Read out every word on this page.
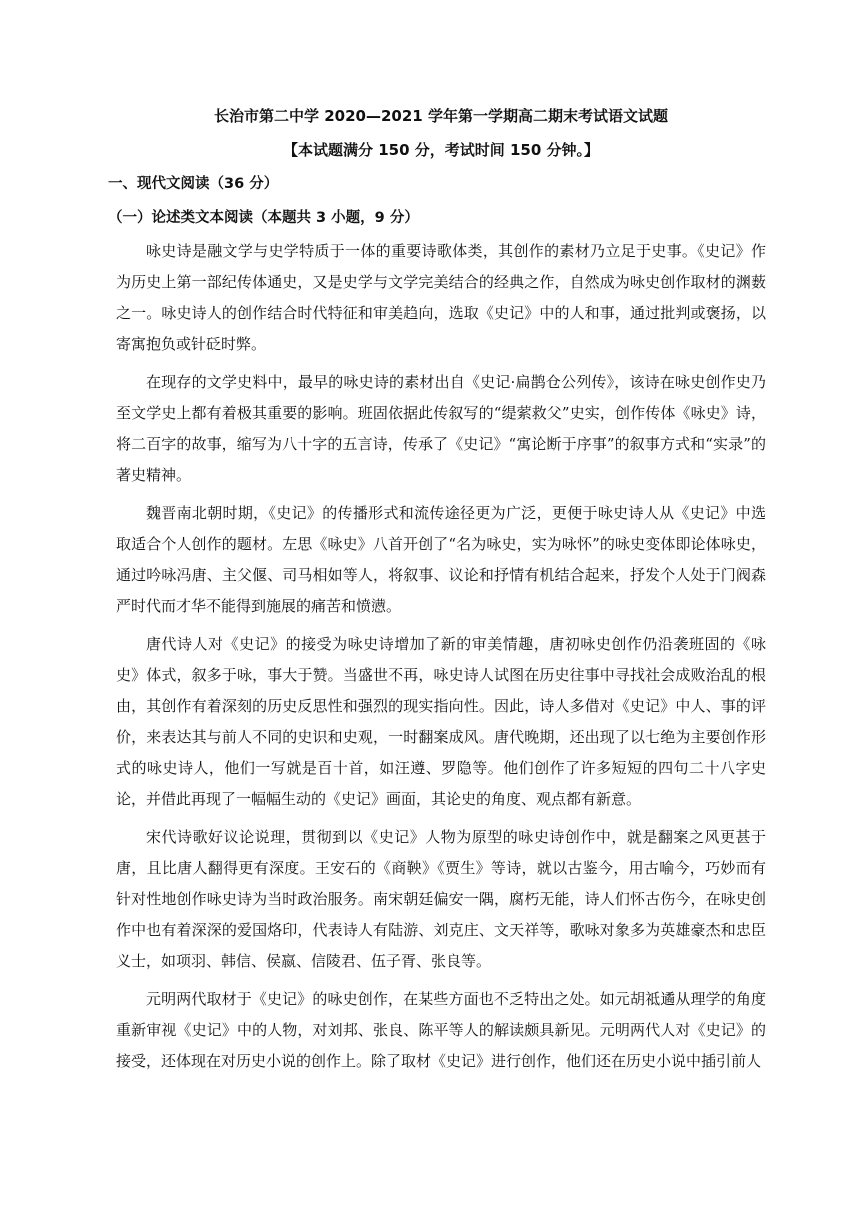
长治市第二中学 2020—2021 学年第一学期高二期末考试语文试题
【本试题满分 150 分，考试时间 150 分钟。】
一、现代文阅读（36 分）
（一）论述类文本阅读（本题共 3 小题，9 分）

咏史诗是融文学与史学特质于一体的重要诗歌体类，其创作的素材乃立足于史事。《史记》作为历史上第一部纪传体通史，又是史学与文学完美结合的经典之作，自然成为咏史创作取材的渊薮之一。咏史诗人的创作结合时代特征和审美趋向，选取《史记》中的人和事，通过批判或褒扬，以寄寓抱负或针砭时弊。

在现存的文学史料中，最早的咏史诗的素材出自《史记·扁鹊仓公列传》，该诗在咏史创作史乃至文学史上都有着极其重要的影响。班固依据此传叙写的“缇萦救父”史实，创作传体《咏史》诗，将二百字的故事，缩写为八十字的五言诗，传承了《史记》“寓论断于序事”的叙事方式和“实录”的著史精神。

魏晋南北朝时期，《史记》的传播形式和流传途径更为广泛，更便于咏史诗人从《史记》中选取适合个人创作的题材。左思《咏史》八首开创了“名为咏史，实为咏怀”的咏史变体即论体咏史，通过吟咏冯唐、主父偃、司马相如等人，将叙事、议论和抒情有机结合起来，抒发个人处于门阀森严时代而才华不能得到施展的痛苦和愤懑。

唐代诗人对《史记》的接受为咏史诗增加了新的审美情趣，唐初咏史创作仍沿袭班固的《咏史》体式，叙多于咏，事大于赞。当盛世不再，咏史诗人试图在历史往事中寻找社会成败治乱的根由，其创作有着深刻的历史反思性和强烈的现实指向性。因此，诗人多借对《史记》中人、事的评价，来表达其与前人不同的史识和史观，一时翻案成风。唐代晚期，还出现了以七绝为主要创作形式的咏史诗人，他们一写就是百十首，如汪遵、罗隐等。他们创作了许多短短的四句二十八字史论，并借此再现了一幅幅生动的《史记》画面，其论史的角度、观点都有新意。

宋代诗歌好议论说理，贯彻到以《史记》人物为原型的咏史诗创作中，就是翻案之风更甚于唐，且比唐人翻得更有深度。王安石的《商鞅》《贾生》等诗，就以古鉴今，用古喻今，巧妙而有针对性地创作咏史诗为当时政治服务。南宋朝廷偏安一隅，腐朽无能，诗人们怀古伤今，在咏史创作中也有着深深的爱国烙印，代表诗人有陆游、刘克庄、文天祥等，歌咏对象多为英雄豪杰和忠臣义士，如项羽、韩信、侯嬴、信陵君、伍子胥、张良等。

元明两代取材于《史记》的咏史创作，在某些方面也不乏特出之处。如元胡祗遹从理学的角度重新审视《史记》中的人物，对刘邦、张良、陈平等人的解读颇具新见。元明两代人对《史记》的接受，还体现在对历史小说的创作上。除了取材《史记》进行创作，他们还在历史小说中插引前人
